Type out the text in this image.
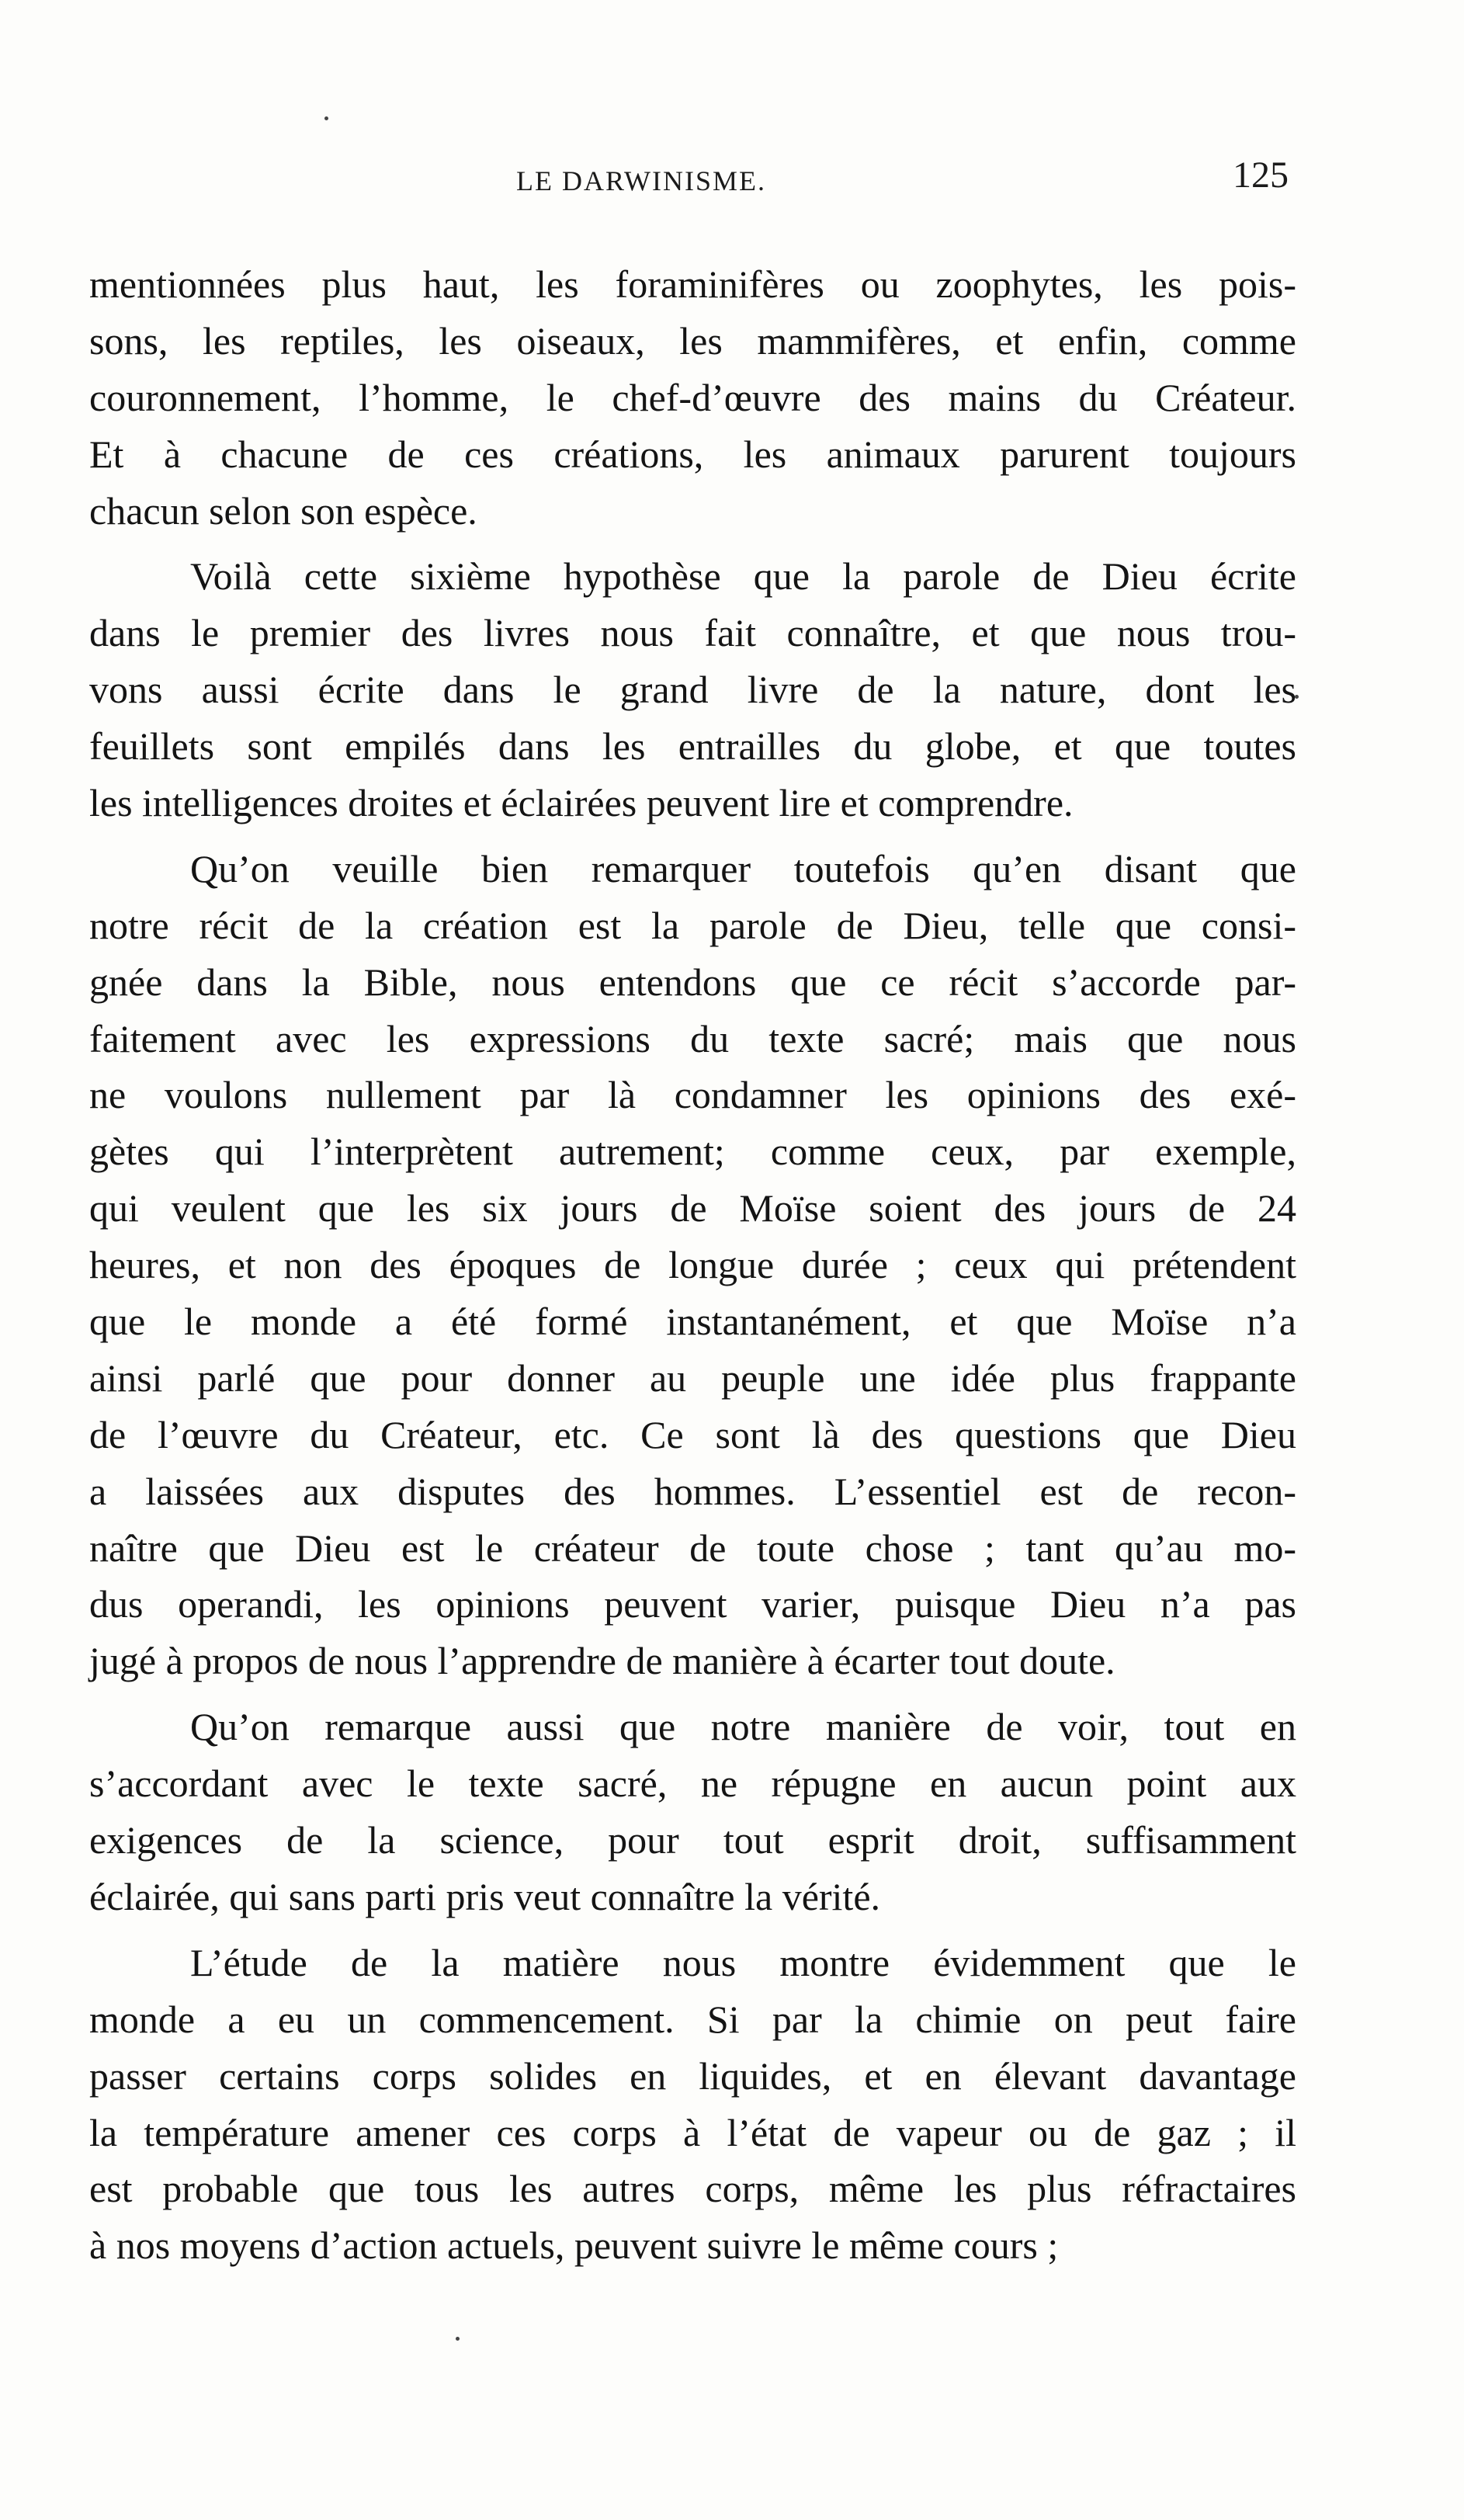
LE DARWINISME.	125
mentionnées plus haut, les foraminifères ou zoophytes, les pois-
sons, les reptiles, les oiseaux, les mammifères, et enfin, comme
couronnement, l’homme, le chef-d’œuvre des mains du Créateur.
Et à chacune de ces créations, les animaux parurent toujours
chacun selon son espèce.
Voilà cette sixième hypothèse que la parole de Dieu écrite
dans le premier des livres nous fait connaître, et que nous trou-
vons aussi écrite dans le grand livre de la nature, dont les
feuillets sont empilés dans les entrailles du globe, et que toutes
les intelligences droites et éclairées peuvent lire et comprendre.
Qu’on veuille bien remarquer toutefois qu’en disant que
notre récit de la création est la parole de Dieu, telle que consi-
gnée dans la Bible, nous entendons que ce récit s’accorde par-
faitement avec les expressions du texte sacré; mais que nous
ne voulons nullement par là condamner les opinions des exé-
gètes qui l’interprètent autrement; comme ceux, par exemple,
qui veulent que les six jours de Moïse soient des jours de 24
heures, et non des époques de longue durée ; ceux qui prétendent
que le monde a été formé instantanément, et que Moïse n’a
ainsi parlé que pour donner au peuple une idée plus frappante
de l’œuvre du Créateur, etc. Ce sont là des questions que Dieu
a laissées aux disputes des hommes. L’essentiel est de recon-
naître que Dieu est le créateur de toute chose ; tant qu’au mo-
dus operandi, les opinions peuvent varier, puisque Dieu n’a pas
jugé à propos de nous l’apprendre de manière à écarter tout doute.
Qu’on remarque aussi que notre manière de voir, tout en
s’accordant avec le texte sacré, ne répugne en aucun point aux
exigences de la science, pour tout esprit droit, suffisamment
éclairée, qui sans parti pris veut connaître la vérité.
L’étude de la matière nous montre évidemment que le
monde a eu un commencement. Si par la chimie on peut faire
passer certains corps solides en liquides, et en élevant davantage
la température amener ces corps à l’état de vapeur ou de gaz ; il
est probable que tous les autres corps, même les plus réfractaires
à nos moyens d’action actuels, peuvent suivre le même cours ;
